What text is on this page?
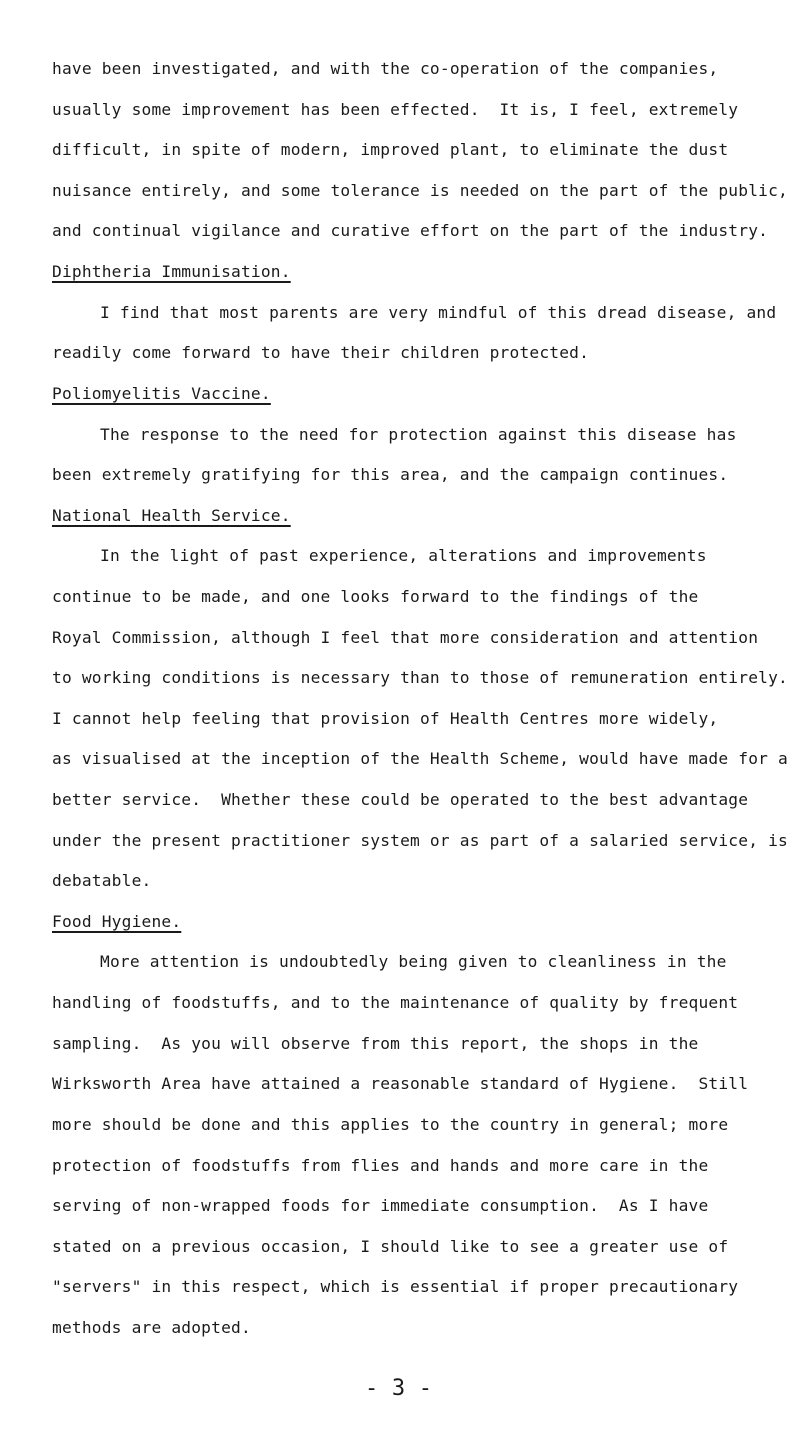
have been investigated, and with the co-operation of the companies,
usually some improvement has been effected.  It is, I feel, extremely
difficult, in spite of modern, improved plant, to eliminate the dust
nuisance entirely, and some tolerance is needed on the part of the public,
and continual vigilance and curative effort on the part of the industry.
Diphtheria Immunisation.
I find that most parents are very mindful of this dread disease, and
readily come forward to have their children protected.
Poliomyelitis Vaccine.
The response to the need for protection against this disease has
been extremely gratifying for this area, and the campaign continues.
National Health Service.
In the light of past experience, alterations and improvements
continue to be made, and one looks forward to the findings of the
Royal Commission, although I feel that more consideration and attention
to working conditions is necessary than to those of remuneration entirely.
I cannot help feeling that provision of Health Centres more widely,
as visualised at the inception of the Health Scheme, would have made for a
better service.  Whether these could be operated to the best advantage
under the present practitioner system or as part of a salaried service, is
debatable.
Food Hygiene.
More attention is undoubtedly being given to cleanliness in the
handling of foodstuffs, and to the maintenance of quality by frequent
sampling.  As you will observe from this report, the shops in the
Wirksworth Area have attained a reasonable standard of Hygiene.  Still
more should be done and this applies to the country in general; more
protection of foodstuffs from flies and hands and more care in the
serving of non-wrapped foods for immediate consumption.  As I have
stated on a previous occasion, I should like to see a greater use of
"servers" in this respect, which is essential if proper precautionary
methods are adopted.
- 3 -
